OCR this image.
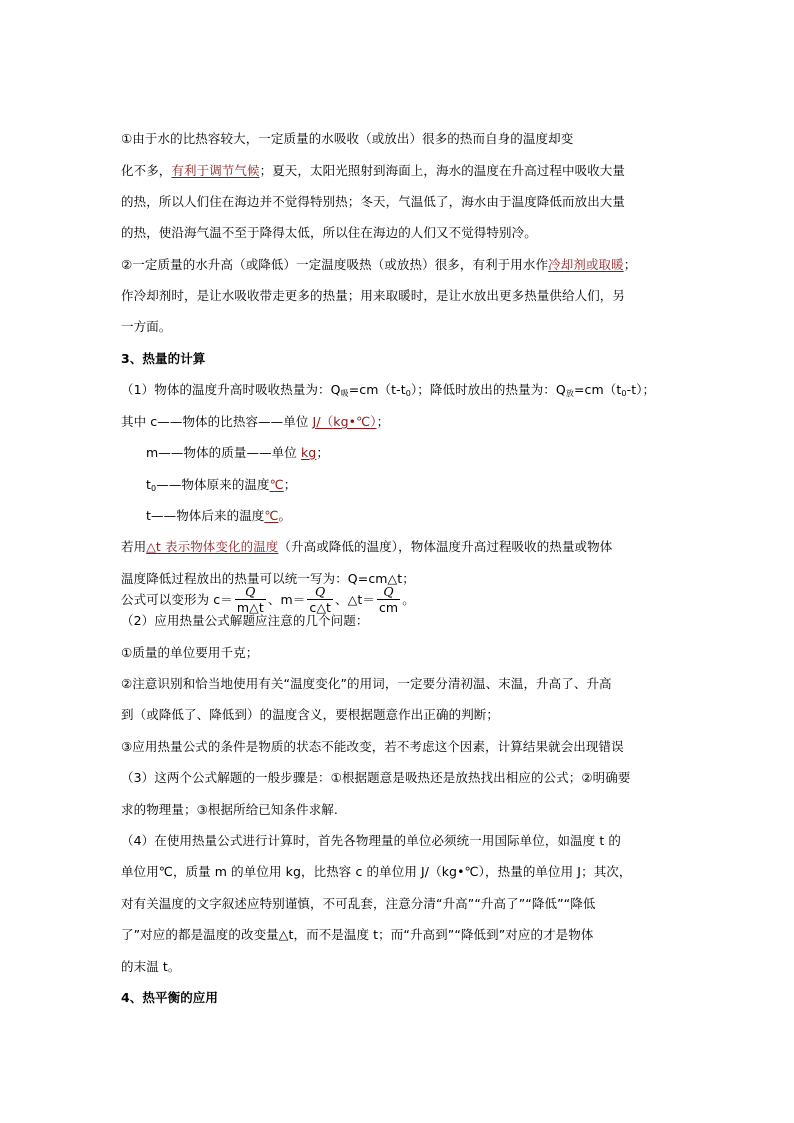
①由于水的比热容较大，一定质量的水吸收（或放出）很多的热而自身的温度却变
化不多，有利于调节气候；夏天，太阳光照射到海面上，海水的温度在升高过程中吸收大量
的热，所以人们住在海边并不觉得特别热；冬天，气温低了，海水由于温度降低而放出大量
的热，使沿海气温不至于降得太低，所以住在海边的人们又不觉得特别冷。
②一定质量的水升高（或降低）一定温度吸热（或放热）很多，有利于用水作冷却剂或取暖；
作冷却剂时，是让水吸收带走更多的热量；用来取暖时，是让水放出更多热量供给人们，另
一方面。
3、热量的计算
（1）物体的温度升高时吸收热量为：$Q_吸=cm(t-t_0)$；降低时放出的热量为：$Q_放=cm(t_0-t)$；
其中 c——物体的比热容——单位 J/（kg•℃）；
m——物体的质量——单位 kg；
$t_0——$物体原来的温度℃；
t——物体后来的温度℃。
若用△t 表示物体变化的温度（升高或降低的温度），物体温度升高过程吸收的热量或物体
温度降低过程放出的热量可以统一写为：Q=cm△t；
公式可以变形为 $c= \frac{Q}{m\triangle t}$ 、$m= \frac{Q}{c\triangle t}$ 、△t＝ $\frac{Q}{cm}$ 。
（2）应用热量公式解题应注意的几个问题：
①质量的单位要用千克；
②注意识别和恰当地使用有关“温度变化”的用词，一定要分清初温、末温，升高了、升高
到（或降低了、降低到）的温度含义，要根据题意作出正确的判断；
③应用热量公式的条件是物质的状态不能改变，若不考虑这个因素，计算结果就会出现错误
（3）这两个公式解题的一般步骤是：①根据题意是吸热还是放热找出相应的公式；②明确要
求的物理量；③根据所给已知条件求解.
（4）在使用热量公式进行计算时，首先各物理量的单位必须统一用国际单位，如温度 t 的
单位用℃，质量 m 的单位用 kg，比热容 c 的单位用 J/（kg•℃），热量的单位用 J；其次，
对有关温度的文字叙述应特别谨慎，不可乱套，注意分清“升高”“升高了”“降低”“降低
了”对应的都是温度的改变量△t，而不是温度 t；而“升高到”“降低到”对应的才是物体
的末温 t。
4、热平衡的应用
